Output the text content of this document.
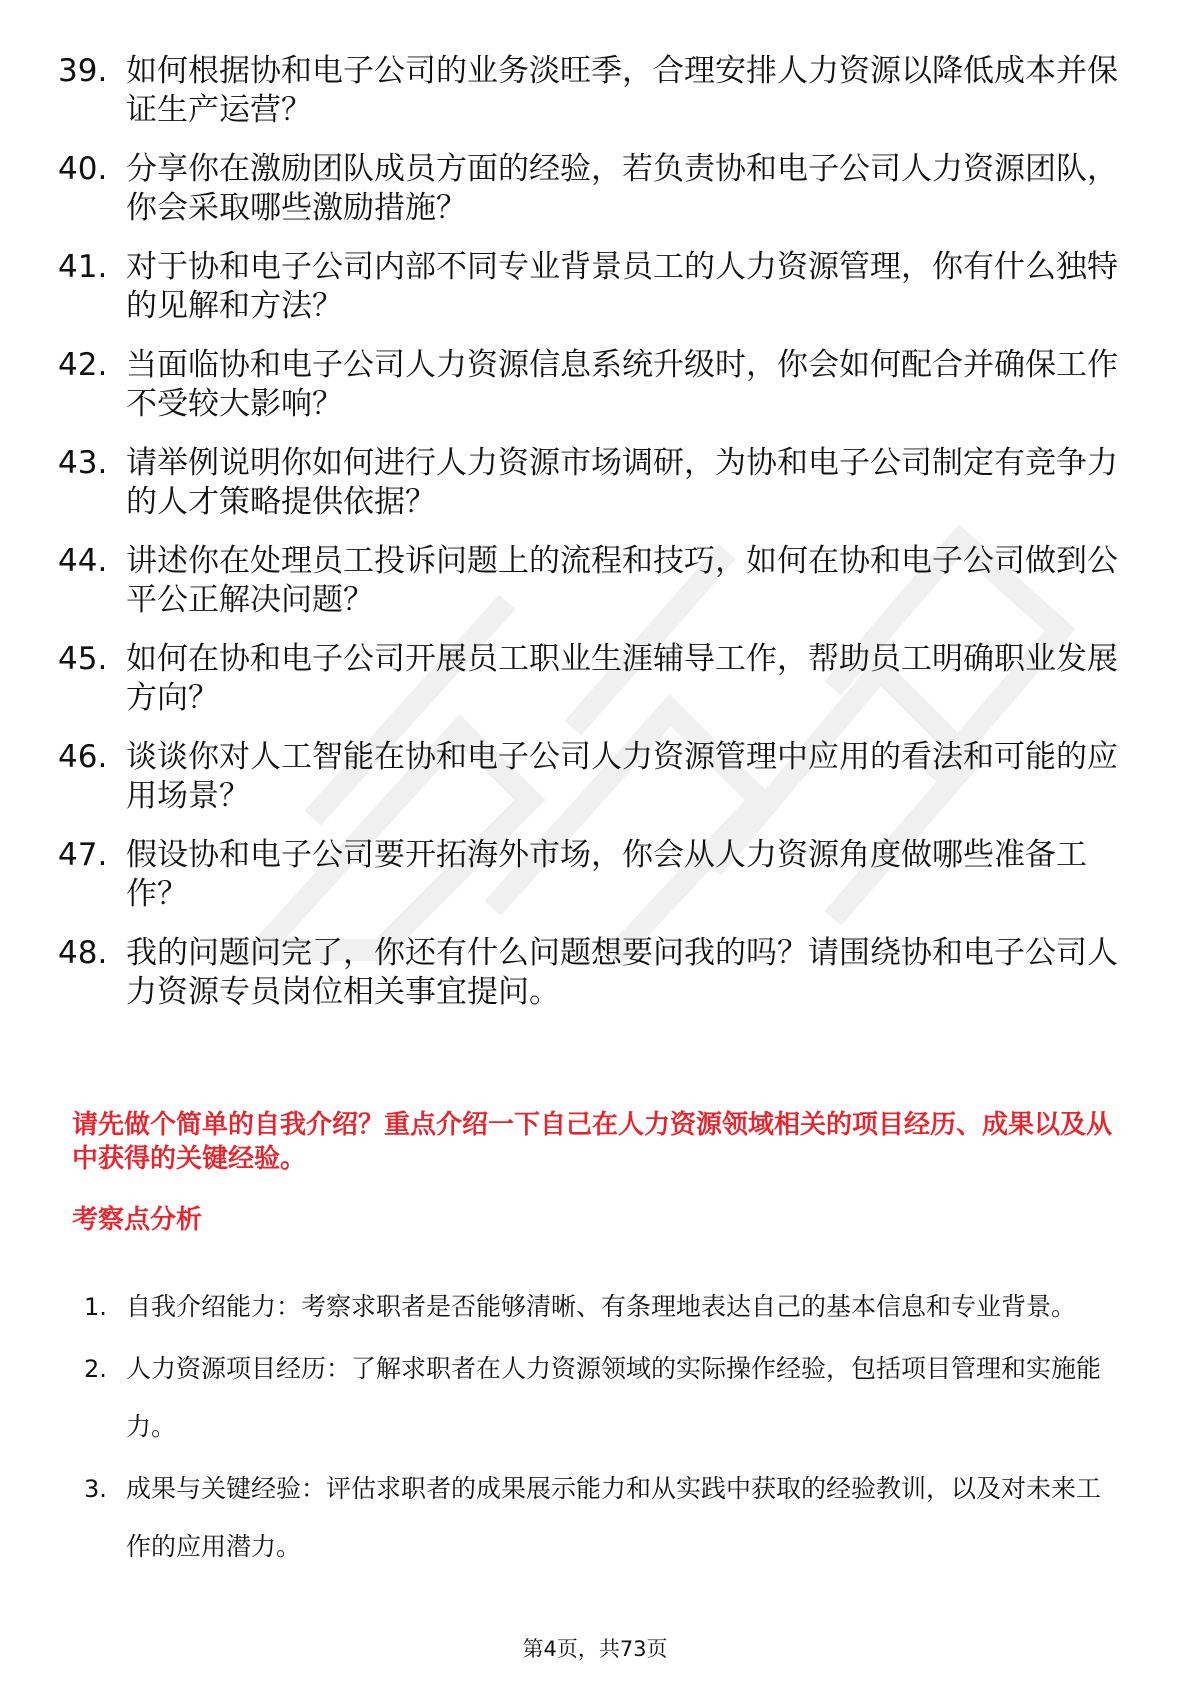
39. 如何根据协和电子公司的业务淡旺季，合理安排人力资源以降低成本并保证生产运营？
40. 分享你在激励团队成员方面的经验，若负责协和电子公司人力资源团队，你会采取哪些激励措施？
41. 对于协和电子公司内部不同专业背景员工的人力资源管理，你有什么独特的见解和方法？
42. 当面临协和电子公司人力资源信息系统升级时，你会如何配合并确保工作不受较大影响？
43. 请举例说明你如何进行人力资源市场调研，为协和电子公司制定有竞争力的人才策略提供依据？
44. 讲述你在处理员工投诉问题上的流程和技巧，如何在协和电子公司做到公平公正解决问题？
45. 如何在协和电子公司开展员工职业生涯辅导工作，帮助员工明确职业发展方向？
46. 谈谈你对人工智能在协和电子公司人力资源管理中应用的看法和可能的应用场景？
47. 假设协和电子公司要开拓海外市场，你会从人力资源角度做哪些准备工作？
48. 我的问题问完了，你还有什么问题想要问我的吗？请围绕协和电子公司人力资源专员岗位相关事宜提问。
请先做个简单的自我介绍？重点介绍一下自己在人力资源领域相关的项目经历、成果以及从中获得的关键经验。
考察点分析
1. 自我介绍能力：考察求职者是否能够清晰、有条理地表达自己的基本信息和专业背景。
2. 人力资源项目经历：了解求职者在人力资源领域的实际操作经验，包括项目管理和实施能力。
3. 成果与关键经验：评估求职者的成果展示能力和从实践中获取的经验教训，以及对未来工作的应用潜力。
第4页，共73页
